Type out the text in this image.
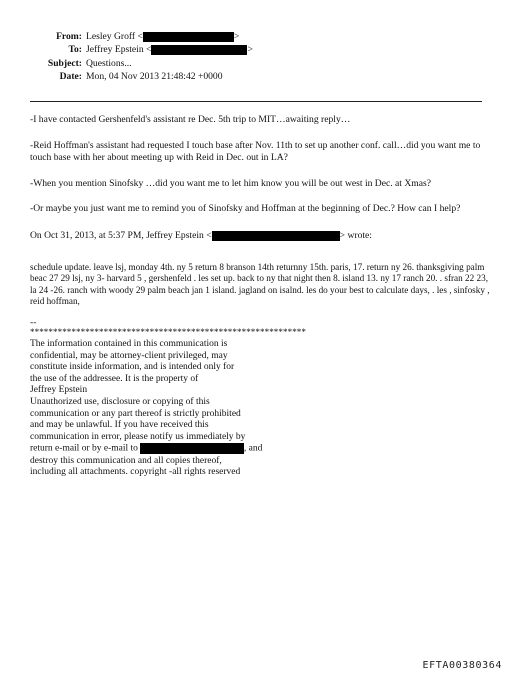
From: Lesley Groff <	>
To: Jeffrey Epstein <	>
Subject: Questions...
Date: Mon, 04 Nov 2013 21:48:42 +0000
-I have contacted Gershenfeld's assistant re Dec. 5th trip to MIT…awaiting reply…
-Reid Hoffman's assistant had requested I touch base after Nov. 11th to set up another conf. call…did you want me to touch base with her about meeting up with Reid in Dec. out in LA?
-When you mention Sinofsky …did you want me to let him know you will be out west in Dec. at Xmas?
-Or maybe you just want me to remind you of Sinofsky and Hoffman at the beginning of Dec.? How can I help?
On Oct 31, 2013, at 5:37 PM, Jeffrey Epstein <	> wrote:
schedule update. leave lsj, monday 4th. ny 5 return 8 branson 14th returnny 15th. paris, 17. return ny 26. thanksgiving palm beac 27 29 lsj, ny 3- harvard 5 , gershenfeld . les set up. back to ny that night then 8. island 13. ny 17 ranch 20. . sfran 22 23, la 24 -26. ranch with woody 29 palm beach jan 1 island. jagland on isalnd. les do your best to calculate days, . les , sinfosky , reid hoffman,
--
************************************************************
The information contained in this communication is
confidential, may be attorney-client privileged, may
constitute inside information, and is intended only for
the use of the addressee. It is the property of
Jeffrey Epstein
Unauthorized use, disclosure or copying of this
communication or any part thereof is strictly prohibited
and may be unlawful. If you have received this
communication in error, please notify us immediately by
return e-mail or by e-mail to	, and
destroy this communication and all copies thereof,
including all attachments. copyright -all rights reserved
EFTA00380364
